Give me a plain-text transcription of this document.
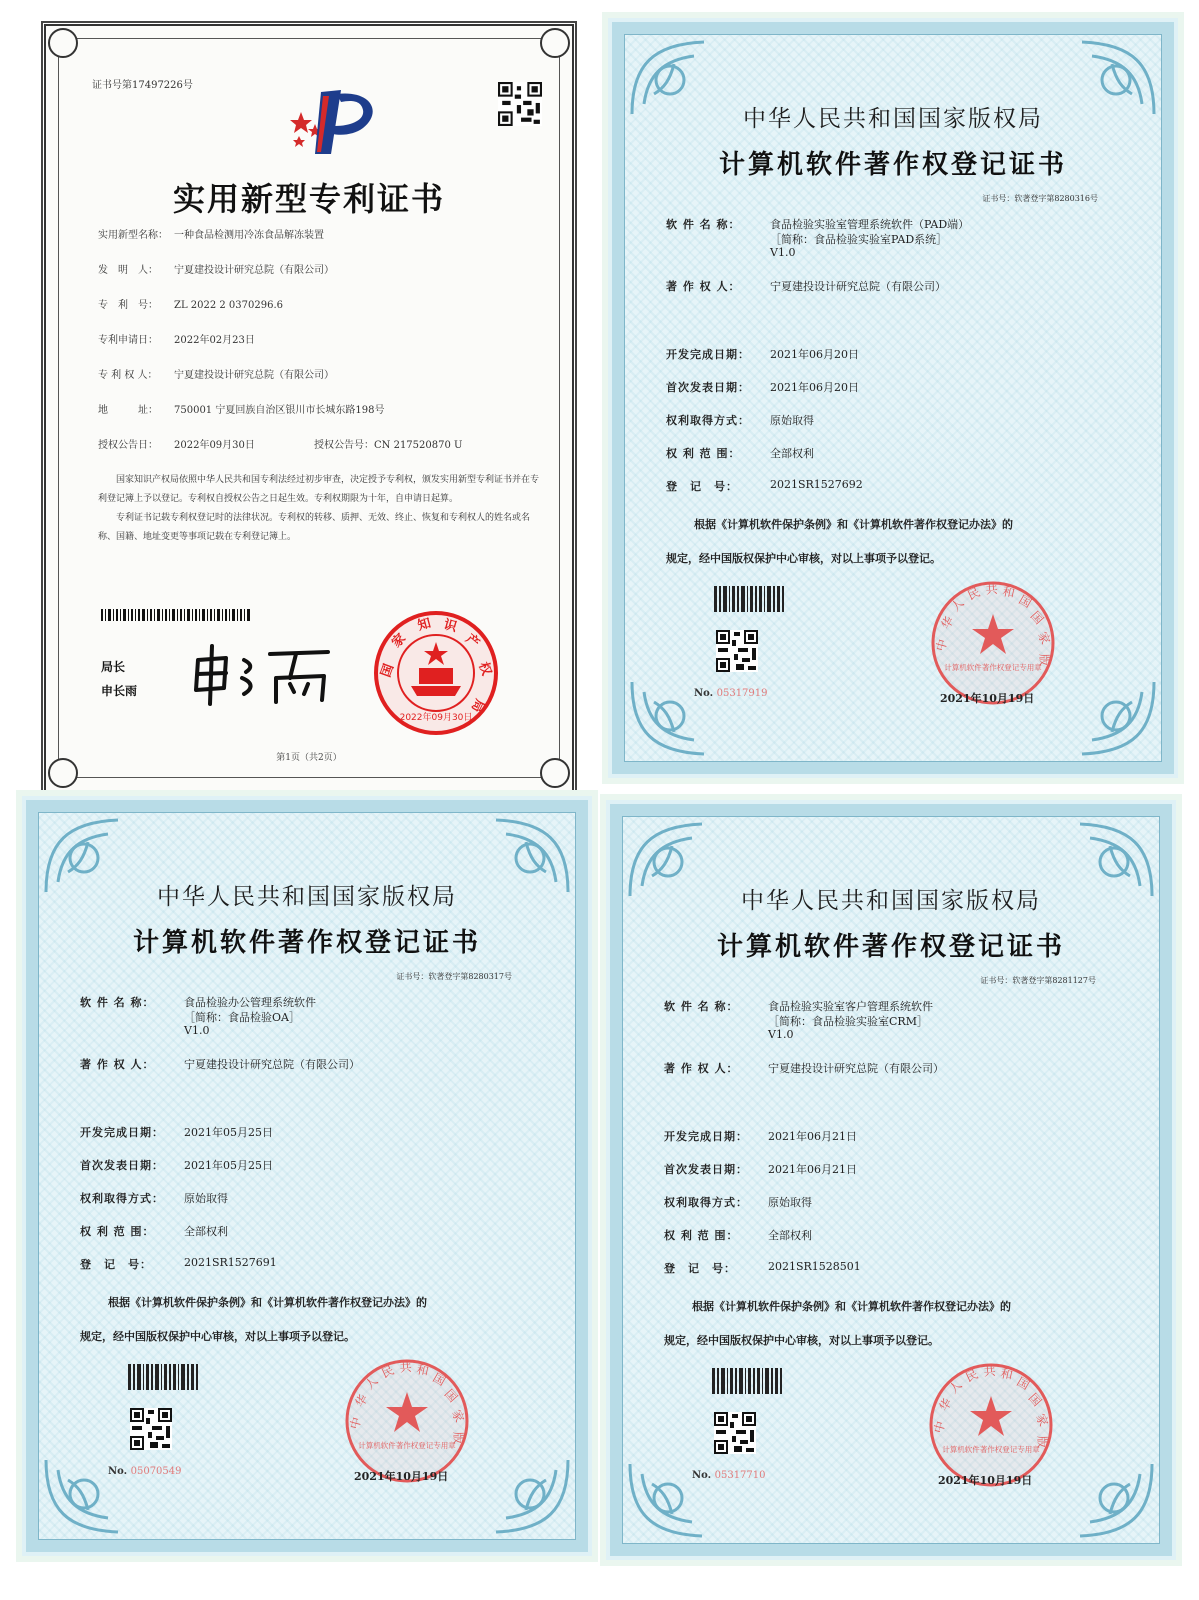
证书号第17497226号
实用新型专利证书
实用新型名称： 一种食品检测用冷冻食品解冻装置
发　明　人： 宁夏建投设计研究总院（有限公司）
专　利　号： ZL 2022 2 0370296.6
专利申请日： 2022年02月23日
专 利 权 人： 宁夏建投设计研究总院（有限公司）
地　　　址： 750001 宁夏回族自治区银川市长城东路198号
授权公告日： 2022年09月30日	授权公告号：CN 217520870 U

国家知识产权局依照中华人民共和国专利法经过初步审查，决定授予专利权，颁发实用新型专利证书并在专利登记簿上予以登记。专利权自授权公告之日起生效。专利权期限为十年，自申请日起算。

专利证书记载专利权登记时的法律状况。专利权的转移、质押、无效、终止、恢复和专利权人的姓名或名称、国籍、地址变更等事项记载在专利登记簿上。

局长
申长雨
国
家
知 识
产
权
局
2022年09月30日
第1页（共2页）
中华人民共和国国家版权局
计算机软件著作权登记证书
证书号：软著登字第8280316号
软 件 名 称：	食品检验实验室管理系统软件（PAD端）
［简称：食品检验实验室PAD系统］
V1.0
著 作 权 人：	宁夏建投设计研究总院（有限公司）
开发完成日期： 2021年06月20日
首次发表日期： 2021年06月20日
权利取得方式： 原始取得
权 利 范 围：	全部权利
登　记　号：	2021SR1527692
根据《计算机软件保护条例》和《计算机软件著作权登记办法》的
规定，经中国版权保护中心审核，对以上事项予以登记。
No. 05317919
中
华
人
民 共 和
国
国
家
版
计算机软件著作权登记专用章
2021年10月19日
中华人民共和国国家版权局
计算机软件著作权登记证书
证书号：软著登字第8280317号
软 件 名 称：	食品检验办公管理系统软件
［简称：食品检验OA］
V1.0
著 作 权 人：	宁夏建投设计研究总院（有限公司）
开发完成日期： 2021年05月25日
首次发表日期： 2021年05月25日
权利取得方式： 原始取得
权 利 范 围：	全部权利
登　记　号：	2021SR1527691
根据《计算机软件保护条例》和《计算机软件著作权登记办法》的
规定，经中国版权保护中心审核，对以上事项予以登记。
No. 05070549
中
华
人
民 共 和
国
国
家
版
计算机软件著作权登记专用章
2021年10月19日
中华人民共和国国家版权局
计算机软件著作权登记证书
证书号：软著登字第8281127号
软 件 名 称：	食品检验实验室客户管理系统软件
［简称：食品检验实验室CRM］
V1.0
著 作 权 人：	宁夏建投设计研究总院（有限公司）
开发完成日期： 2021年06月21日
首次发表日期： 2021年06月21日
权利取得方式： 原始取得
权 利 范 围：	全部权利
登　记　号：	2021SR1528501
根据《计算机软件保护条例》和《计算机软件著作权登记办法》的
规定，经中国版权保护中心审核，对以上事项予以登记。
No. 05317710
中
华
人
民 共 和
国
国
家
版
计算机软件著作权登记专用章
2021年10月19日
